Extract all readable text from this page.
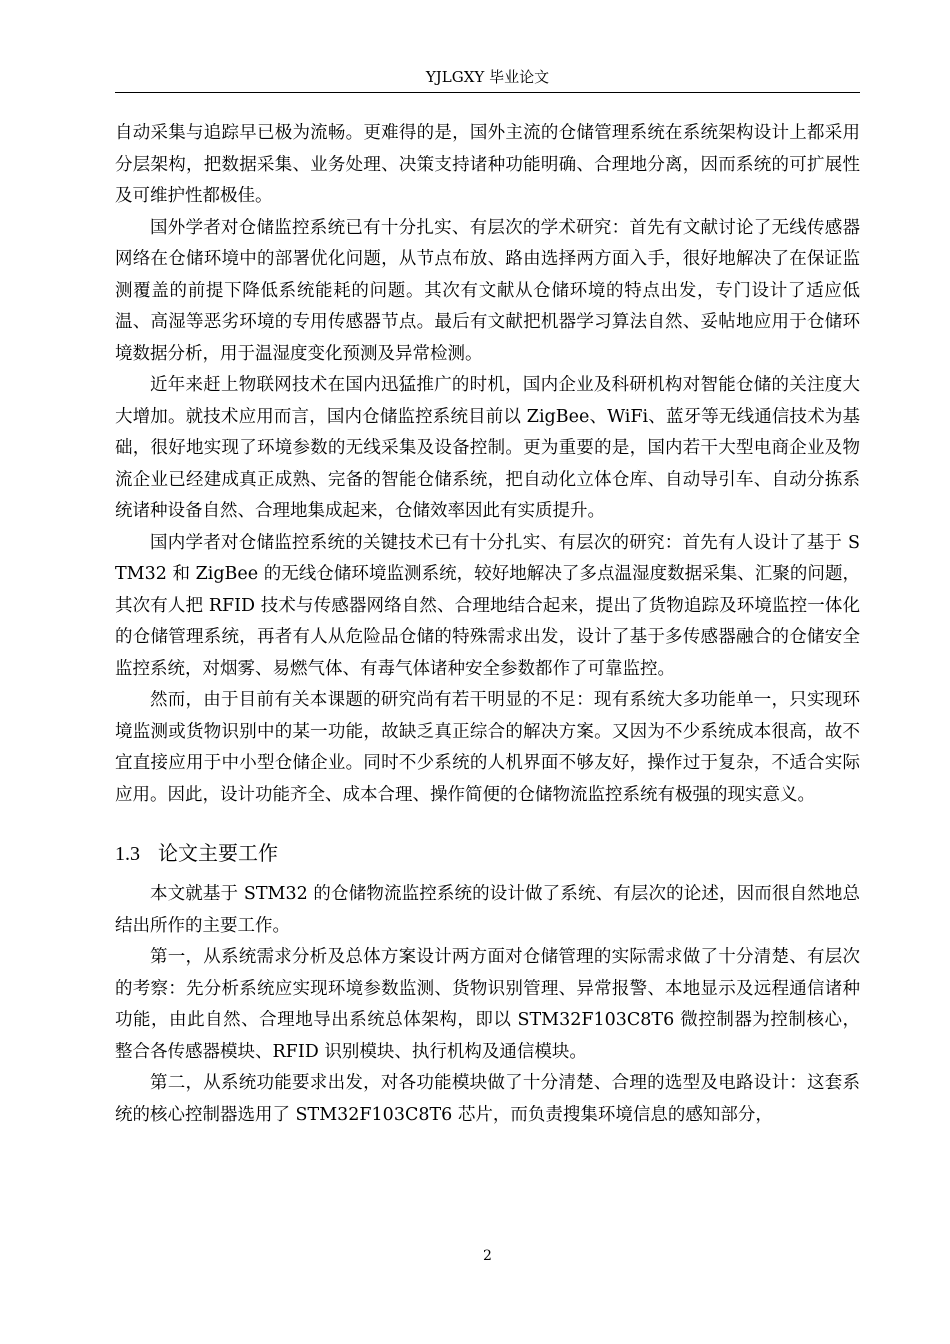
YJLGXY 毕业论文

自动采集与追踪早已极为流畅。更难得的是，国外主流的仓储管理系统在系统架构设计上都采用分层架构，把数据采集、业务处理、决策支持诸种功能明确、合理地分离，因而系统的可扩展性及可维护性都极佳。

国外学者对仓储监控系统已有十分扎实、有层次的学术研究：首先有文献讨论了无线传感器网络在仓储环境中的部署优化问题，从节点布放、路由选择两方面入手，很好地解决了在保证监测覆盖的前提下降低系统能耗的问题。其次有文献从仓储环境的特点出发，专门设计了适应低温、高湿等恶劣环境的专用传感器节点。最后有文献把机器学习算法自然、妥帖地应用于仓储环境数据分析，用于温湿度变化预测及异常检测。

近年来赶上物联网技术在国内迅猛推广的时机，国内企业及科研机构对智能仓储的关注度大大增加。就技术应用而言，国内仓储监控系统目前以 ZigBee、WiFi、蓝牙等无线通信技术为基础，很好地实现了环境参数的无线采集及设备控制。更为重要的是，国内若干大型电商企业及物流企业已经建成真正成熟、完备的智能仓储系统，把自动化立体仓库、自动导引车、自动分拣系统诸种设备自然、合理地集成起来，仓储效率因此有实质提升。

国内学者对仓储监控系统的关键技术已有十分扎实、有层次的研究：首先有人设计了基于 STM32 和 ZigBee 的无线仓储环境监测系统，较好地解决了多点温湿度数据采集、汇聚的问题，其次有人把 RFID 技术与传感器网络自然、合理地结合起来，提出了货物追踪及环境监控一体化的仓储管理系统，再者有人从危险品仓储的特殊需求出发，设计了基于多传感器融合的仓储安全监控系统，对烟雾、易燃气体、有毒气体诸种安全参数都作了可靠监控。

然而，由于目前有关本课题的研究尚有若干明显的不足：现有系统大多功能单一，只实现环境监测或货物识别中的某一功能，故缺乏真正综合的解决方案。又因为不少系统成本很高，故不宜直接应用于中小型仓储企业。同时不少系统的人机界面不够友好，操作过于复杂，不适合实际应用。因此，设计功能齐全、成本合理、操作简便的仓储物流监控系统有极强的现实意义。

1.3 论文主要工作

本文就基于 STM32 的仓储物流监控系统的设计做了系统、有层次的论述，因而很自然地总结出所作的主要工作。

第一，从系统需求分析及总体方案设计两方面对仓储管理的实际需求做了十分清楚、有层次的考察：先分析系统应实现环境参数监测、货物识别管理、异常报警、本地显示及远程通信诸种功能，由此自然、合理地导出系统总体架构，即以 STM32F103C8T6 微控制器为控制核心，整合各传感器模块、RFID 识别模块、执行机构及通信模块。

第二，从系统功能要求出发，对各功能模块做了十分清楚、合理的选型及电路设计：这套系统的核心控制器选用了 STM32F103C8T6 芯片，而负责搜集环境信息的感知部分，

2
